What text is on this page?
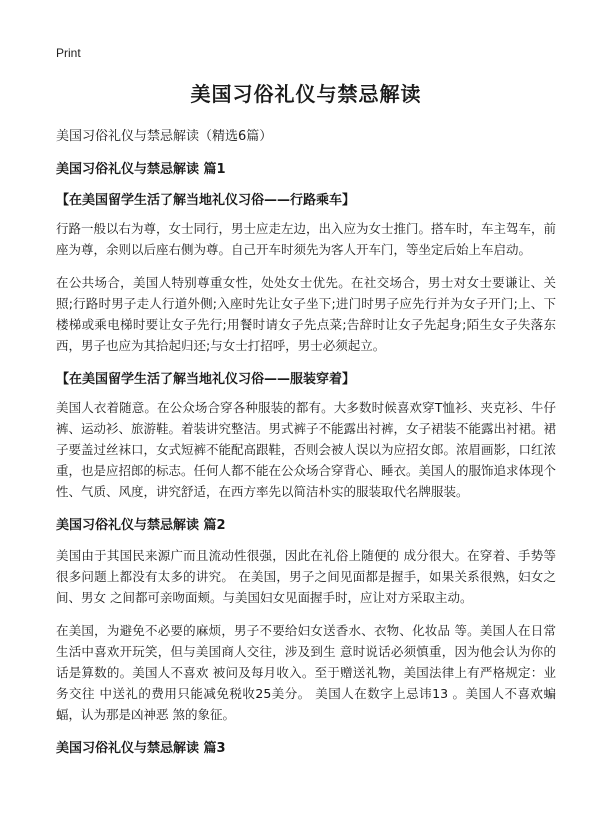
Print
美国习俗礼仪与禁忌解读
美国习俗礼仪与禁忌解读（精选6篇）
美国习俗礼仪与禁忌解读 篇1
【在美国留学生活了解当地礼仪习俗——行路乘车】

行路一般以右为尊，女士同行，男士应走左边，出入应为女士推门。搭车时，车主驾车，前座为尊，余则以后座右侧为尊。自己开车时须先为客人开车门，等坐定后始上车启动。

在公共场合，美国人特别尊重女性，处处女士优先。在社交场合，男士对女士要谦让、关照;行路时男子走人行道外侧;入座时先让女子坐下;进门时男子应先行并为女子开门;上、下楼梯或乘电梯时要让女子先行;用餐时请女子先点菜;告辞时让女子先起身;陌生女子失落东西，男子也应为其拾起归还;与女士打招呼，男士必须起立。

【在美国留学生活了解当地礼仪习俗——服装穿着】

美国人衣着随意。在公众场合穿各种服装的都有。大多数时候喜欢穿T恤衫、夹克衫、牛仔裤、运动衫、旅游鞋。着装讲究整洁。男式裤子不能露出衬裤，女子裙装不能露出衬裙。裙子要盖过丝袜口，女式短裤不能配高跟鞋，否则会被人误以为应招女郎。浓眉画影，口红浓重，也是应招郎的标志。任何人都不能在公众场合穿背心、睡衣。美国人的服饰追求体现个性、气质、风度，讲究舒适，在西方率先以简洁朴实的服装取代名牌服装。

美国习俗礼仪与禁忌解读 篇2

美国由于其国民来源广而且流动性很强，因此在礼俗上随便的 成分很大。在穿着、手势等很多问题上都没有太多的讲究。 在美国，男子之间见面都是握手，如果关系很熟，妇女之间、男女 之间都可亲吻面颊。与美国妇女见面握手时，应让对方采取主动。

在美国，为避免不必要的麻烦，男子不要给妇女送香水、衣物、化妆品 等。美国人在日常生活中喜欢开玩笑，但与美国商人交往，涉及到生 意时说话必须慎重，因为他会认为你的话是算数的。美国人不喜欢 被问及每月收入。至于赠送礼物，美国法律上有严格规定：业务交往 中送礼的费用只能减免税收25美分。 美国人在数字上忌讳13 。美国人不喜欢蝙蝠，认为那是凶神恶 煞的象征。

美国习俗礼仪与禁忌解读 篇3
